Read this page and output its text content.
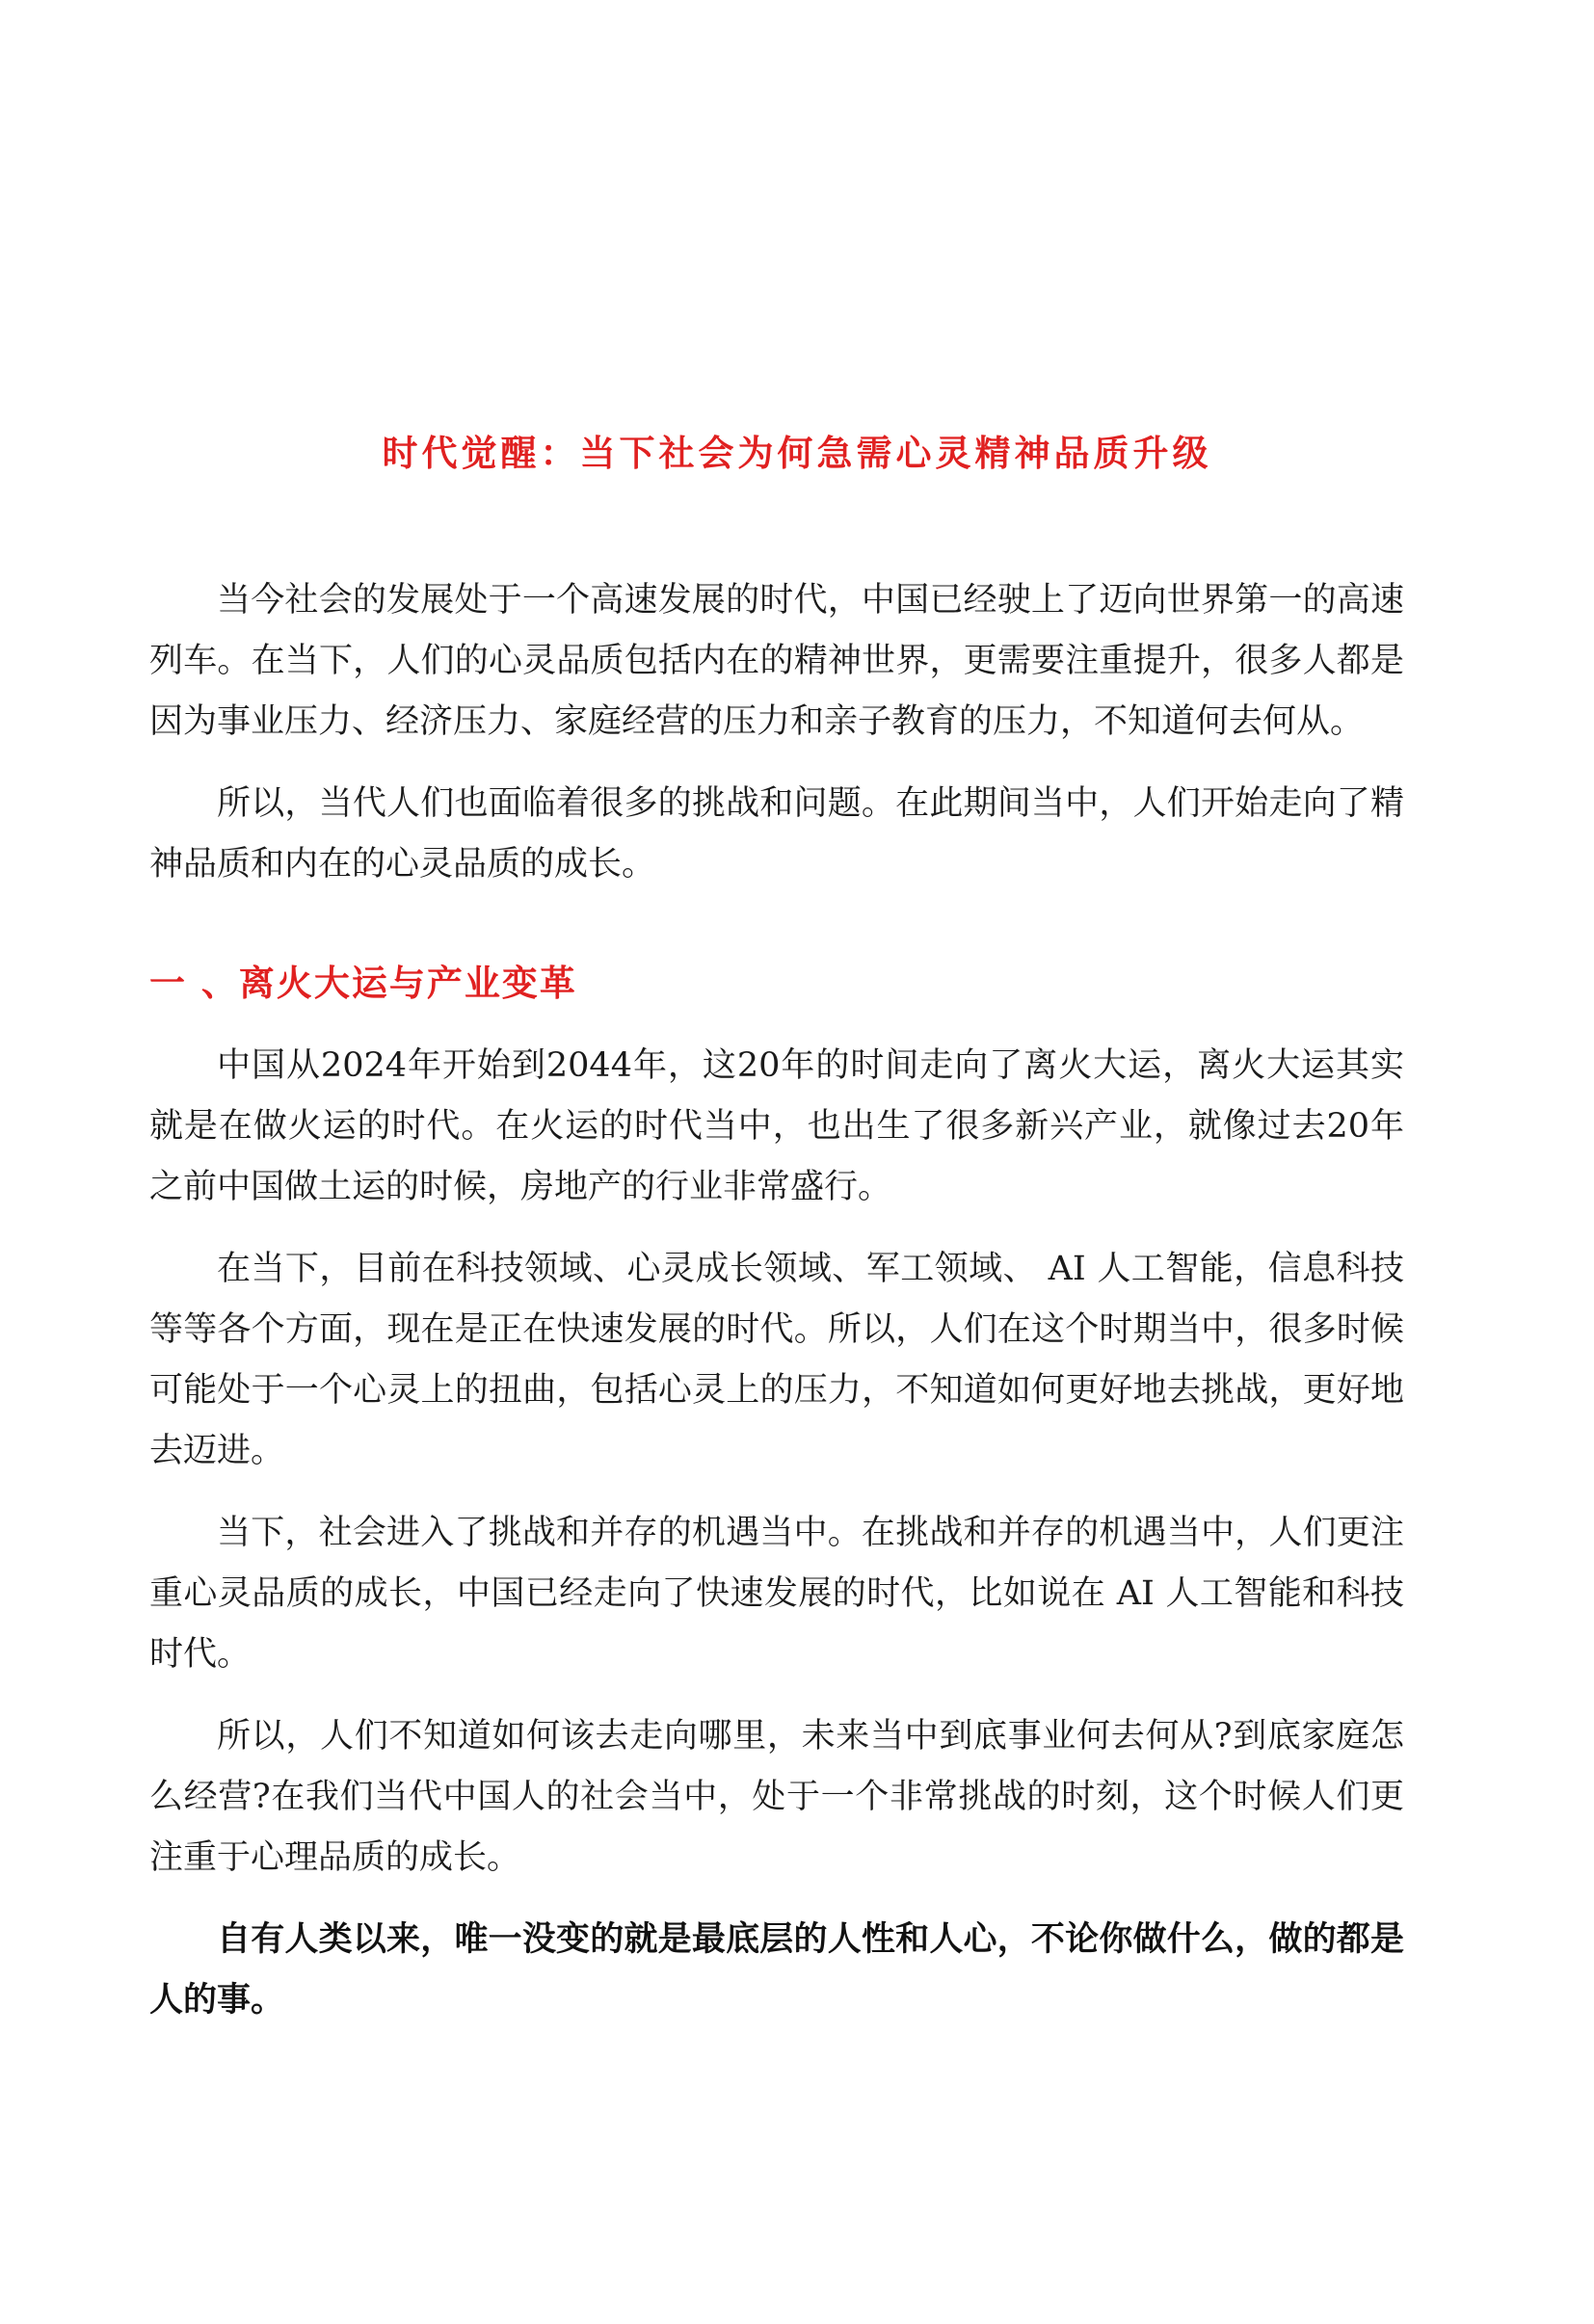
时代觉醒：当下社会为何急需心灵精神品质升级

当今社会的发展处于一个高速发展的时代，中国已经驶上了迈向世界第一的高速列车。在当下，人们的心灵品质包括内在的精神世界，更需要注重提升，很多人都是因为事业压力、经济压力、家庭经营的压力和亲子教育的压力，不知道何去何从。

所以，当代人们也面临着很多的挑战和问题。在此期间当中，人们开始走向了精神品质和内在的心灵品质的成长。

一 、离火大运与产业变革

中国从2024年开始到2044年，这20年的时间走向了离火大运，离火大运其实就是在做火运的时代。在火运的时代当中，也出生了很多新兴产业，就像过去20年之前中国做土运的时候，房地产的行业非常盛行。

在当下，目前在科技领域、心灵成长领域、军工领域、 AI 人工智能，信息科技等等各个方面，现在是正在快速发展的时代。所以，人们在这个时期当中，很多时候可能处于一个心灵上的扭曲，包括心灵上的压力，不知道如何更好地去挑战，更好地去迈进。

当下，社会进入了挑战和并存的机遇当中。在挑战和并存的机遇当中，人们更注重心灵品质的成长，中国已经走向了快速发展的时代，比如说在 AI 人工智能和科技时代。

所以，人们不知道如何该去走向哪里，未来当中到底事业何去何从?到底家庭怎么经营?在我们当代中国人的社会当中，处于一个非常挑战的时刻，这个时候人们更注重于心理品质的成长。

自有人类以来，唯一没变的就是最底层的人性和人心，不论你做什么，做的都是人的事。
